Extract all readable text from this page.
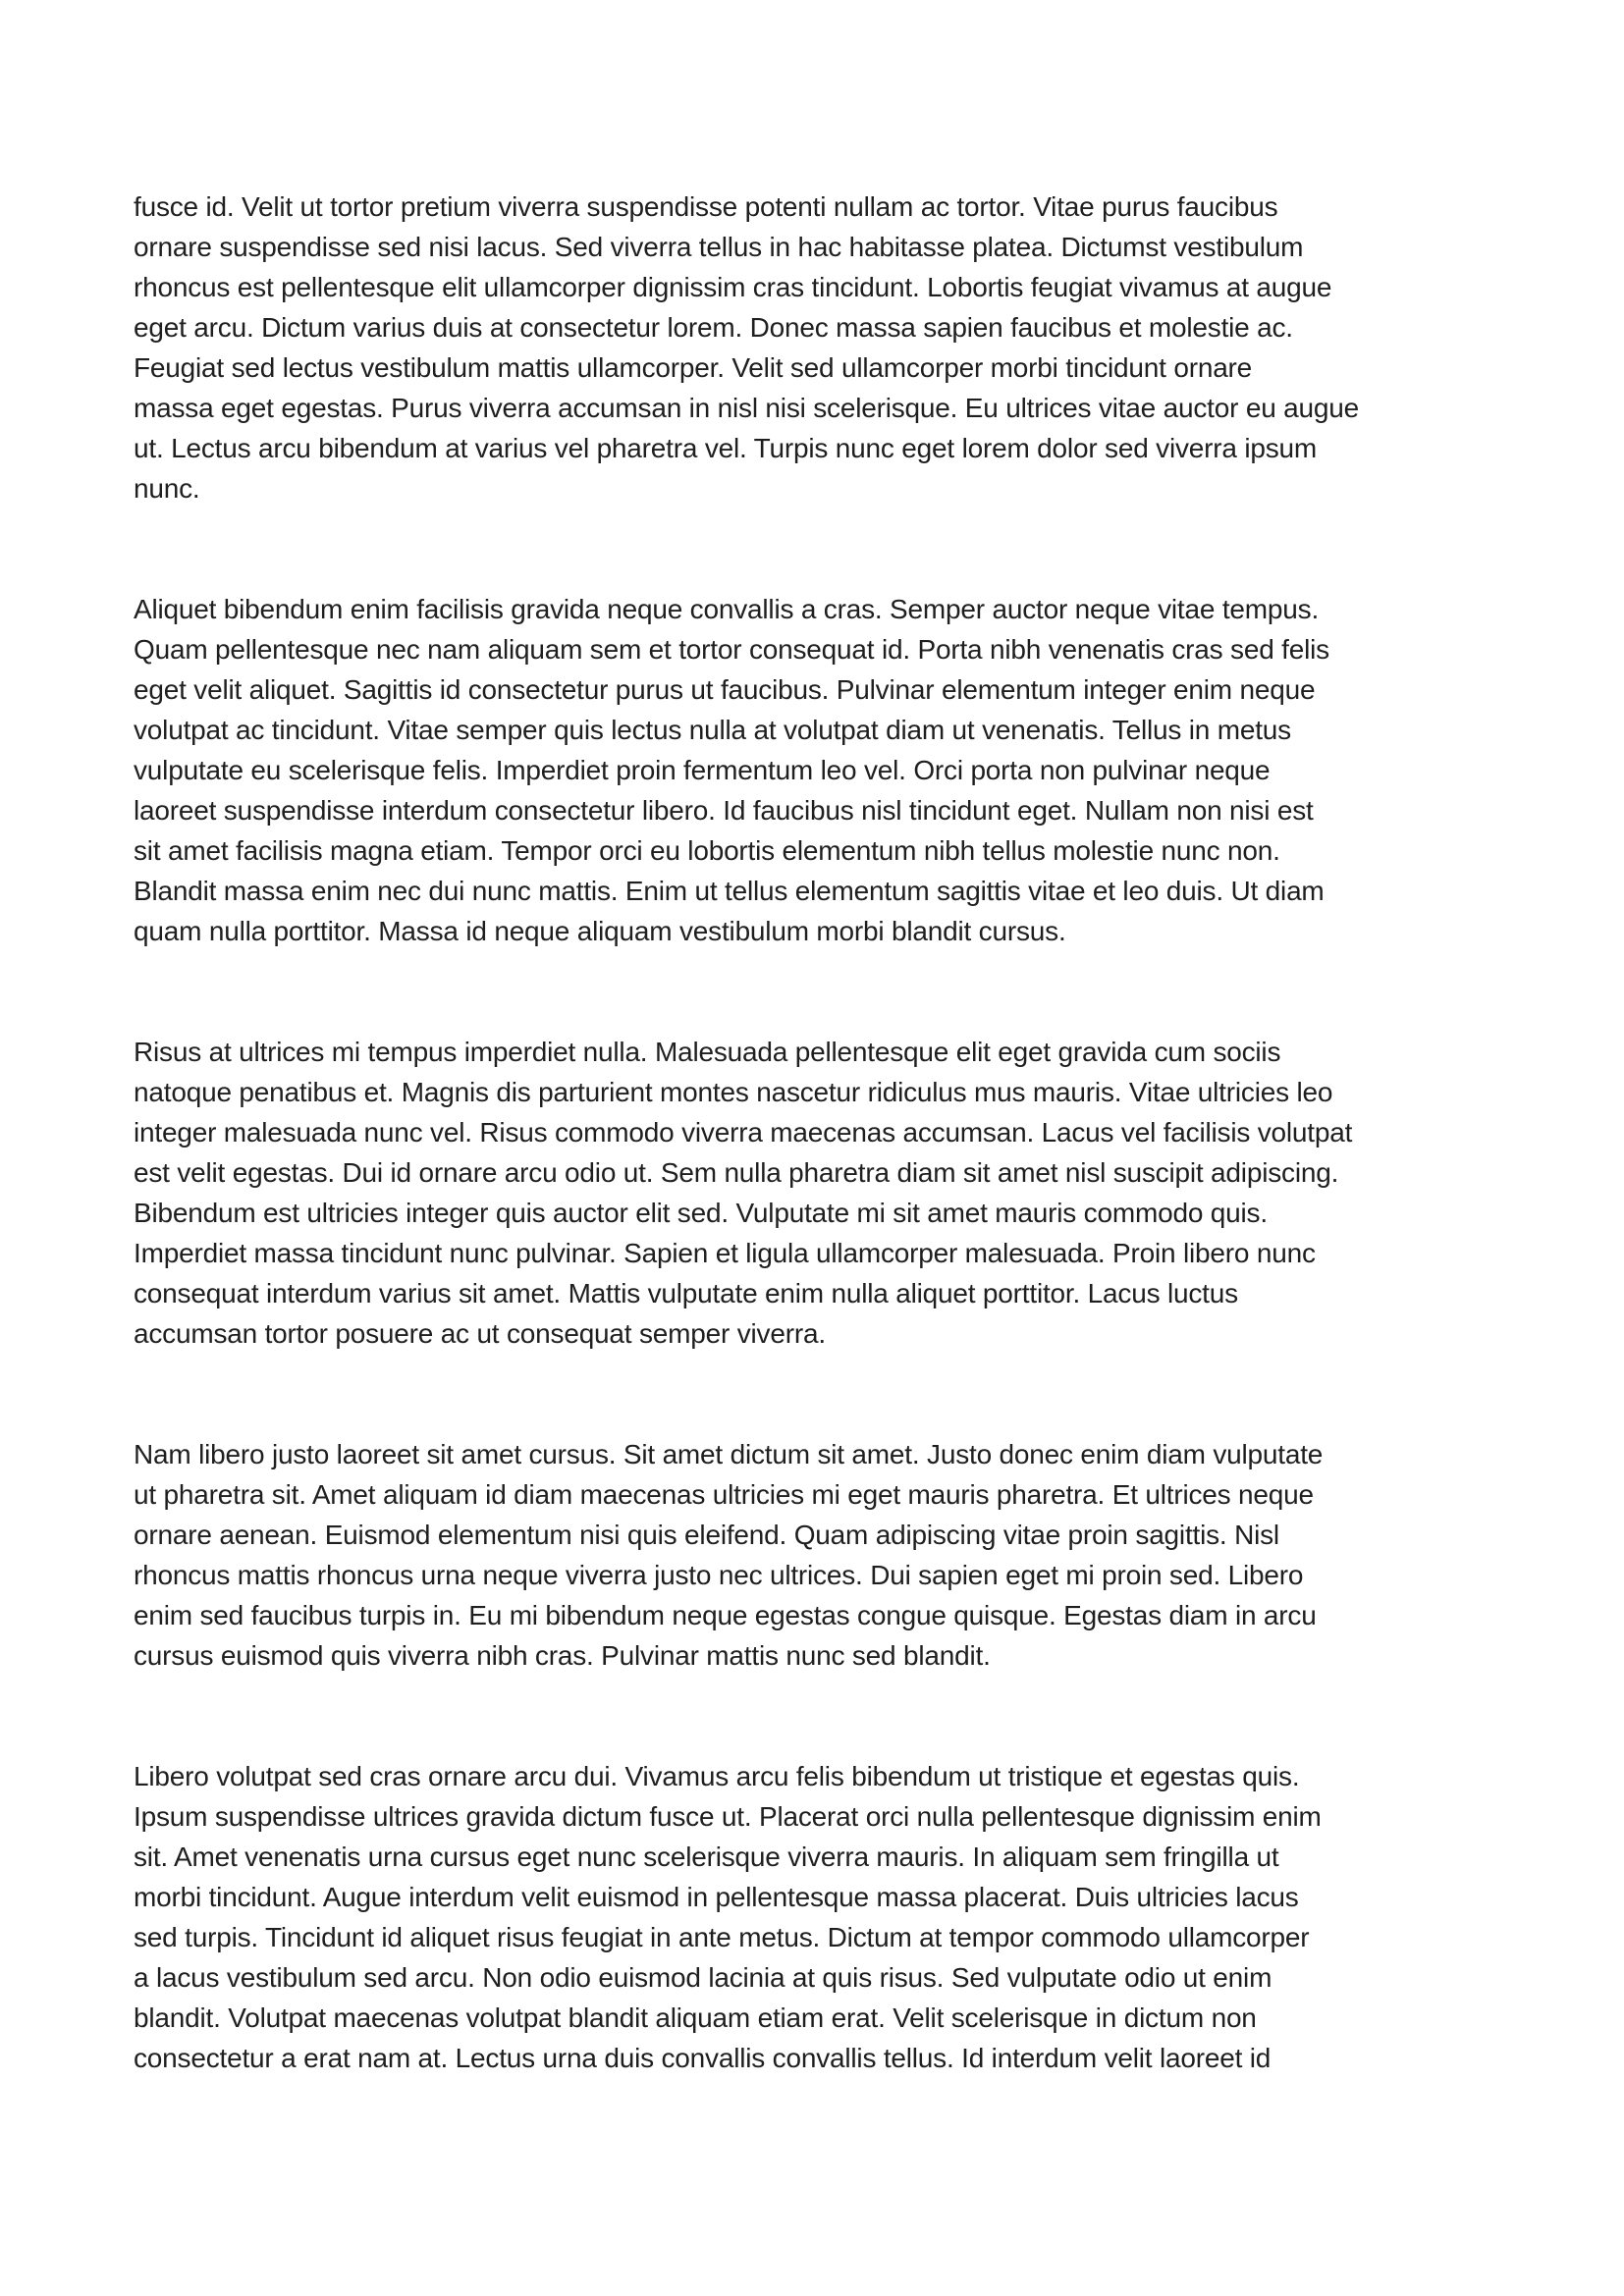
fusce id. Velit ut tortor pretium viverra suspendisse potenti nullam ac tortor. Vitae purus faucibus
ornare suspendisse sed nisi lacus. Sed viverra tellus in hac habitasse platea. Dictumst vestibulum
rhoncus est pellentesque elit ullamcorper dignissim cras tincidunt. Lobortis feugiat vivamus at augue
eget arcu. Dictum varius duis at consectetur lorem. Donec massa sapien faucibus et molestie ac.
Feugiat sed lectus vestibulum mattis ullamcorper. Velit sed ullamcorper morbi tincidunt ornare
massa eget egestas. Purus viverra accumsan in nisl nisi scelerisque. Eu ultrices vitae auctor eu augue
ut. Lectus arcu bibendum at varius vel pharetra vel. Turpis nunc eget lorem dolor sed viverra ipsum
nunc.

Aliquet bibendum enim facilisis gravida neque convallis a cras. Semper auctor neque vitae tempus.
Quam pellentesque nec nam aliquam sem et tortor consequat id. Porta nibh venenatis cras sed felis
eget velit aliquet. Sagittis id consectetur purus ut faucibus. Pulvinar elementum integer enim neque
volutpat ac tincidunt. Vitae semper quis lectus nulla at volutpat diam ut venenatis. Tellus in metus
vulputate eu scelerisque felis. Imperdiet proin fermentum leo vel. Orci porta non pulvinar neque
laoreet suspendisse interdum consectetur libero. Id faucibus nisl tincidunt eget. Nullam non nisi est
sit amet facilisis magna etiam. Tempor orci eu lobortis elementum nibh tellus molestie nunc non.
Blandit massa enim nec dui nunc mattis. Enim ut tellus elementum sagittis vitae et leo duis. Ut diam
quam nulla porttitor. Massa id neque aliquam vestibulum morbi blandit cursus.

Risus at ultrices mi tempus imperdiet nulla. Malesuada pellentesque elit eget gravida cum sociis
natoque penatibus et. Magnis dis parturient montes nascetur ridiculus mus mauris. Vitae ultricies leo
integer malesuada nunc vel. Risus commodo viverra maecenas accumsan. Lacus vel facilisis volutpat
est velit egestas. Dui id ornare arcu odio ut. Sem nulla pharetra diam sit amet nisl suscipit adipiscing.
Bibendum est ultricies integer quis auctor elit sed. Vulputate mi sit amet mauris commodo quis.
Imperdiet massa tincidunt nunc pulvinar. Sapien et ligula ullamcorper malesuada. Proin libero nunc
consequat interdum varius sit amet. Mattis vulputate enim nulla aliquet porttitor. Lacus luctus
accumsan tortor posuere ac ut consequat semper viverra.

Nam libero justo laoreet sit amet cursus. Sit amet dictum sit amet. Justo donec enim diam vulputate
ut pharetra sit. Amet aliquam id diam maecenas ultricies mi eget mauris pharetra. Et ultrices neque
ornare aenean. Euismod elementum nisi quis eleifend. Quam adipiscing vitae proin sagittis. Nisl
rhoncus mattis rhoncus urna neque viverra justo nec ultrices. Dui sapien eget mi proin sed. Libero
enim sed faucibus turpis in. Eu mi bibendum neque egestas congue quisque. Egestas diam in arcu
cursus euismod quis viverra nibh cras. Pulvinar mattis nunc sed blandit.

Libero volutpat sed cras ornare arcu dui. Vivamus arcu felis bibendum ut tristique et egestas quis.
Ipsum suspendisse ultrices gravida dictum fusce ut. Placerat orci nulla pellentesque dignissim enim
sit. Amet venenatis urna cursus eget nunc scelerisque viverra mauris. In aliquam sem fringilla ut
morbi tincidunt. Augue interdum velit euismod in pellentesque massa placerat. Duis ultricies lacus
sed turpis. Tincidunt id aliquet risus feugiat in ante metus. Dictum at tempor commodo ullamcorper
a lacus vestibulum sed arcu. Non odio euismod lacinia at quis risus. Sed vulputate odio ut enim
blandit. Volutpat maecenas volutpat blandit aliquam etiam erat. Velit scelerisque in dictum non
consectetur a erat nam at. Lectus urna duis convallis convallis tellus. Id interdum velit laoreet id
